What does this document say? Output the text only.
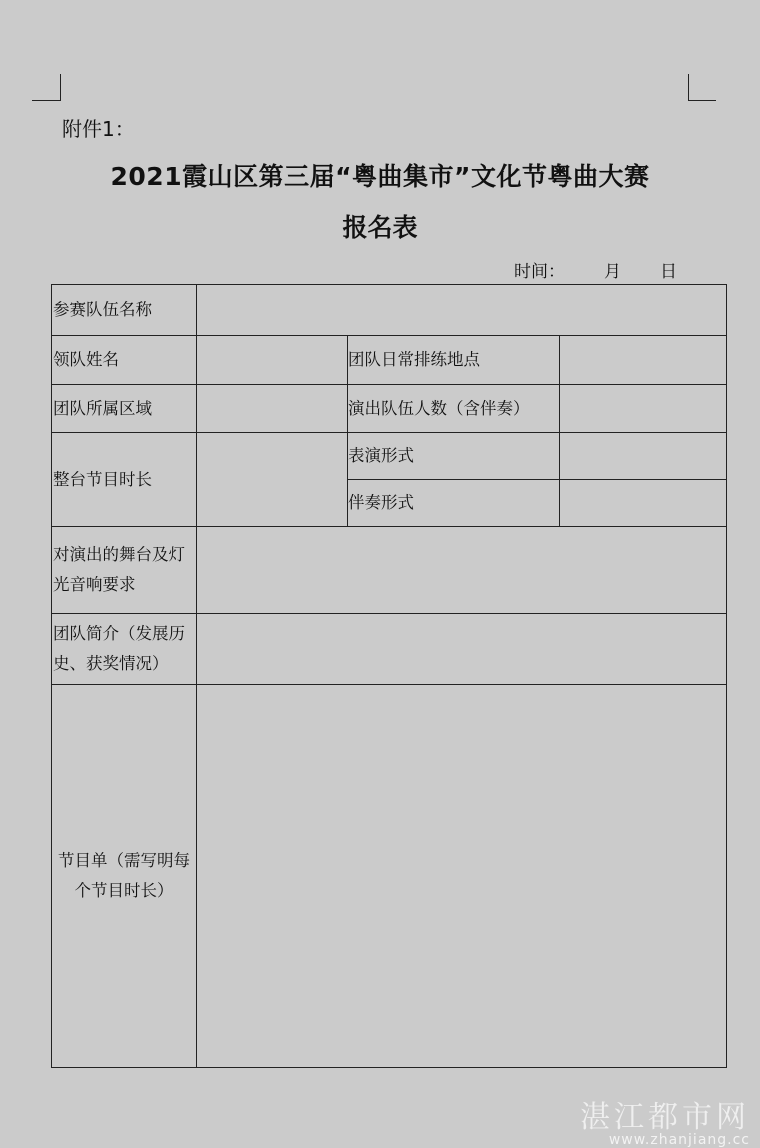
附件1：
2021霞山区第三届“粤曲集市”文化节粤曲大赛
报名表
时间： 月 日
参赛队伍名称
领队姓名	团队日常排练地点
团队所属区域	演出队伍人数（含伴奏）
整台节目时长
表演形式
伴奏形式
对演出的舞台及灯光音响要求
团队简介（发展历史、获奖情况）
节目单（需写明每个节目时长）
湛江都市网
www.zhanjiang.cc
